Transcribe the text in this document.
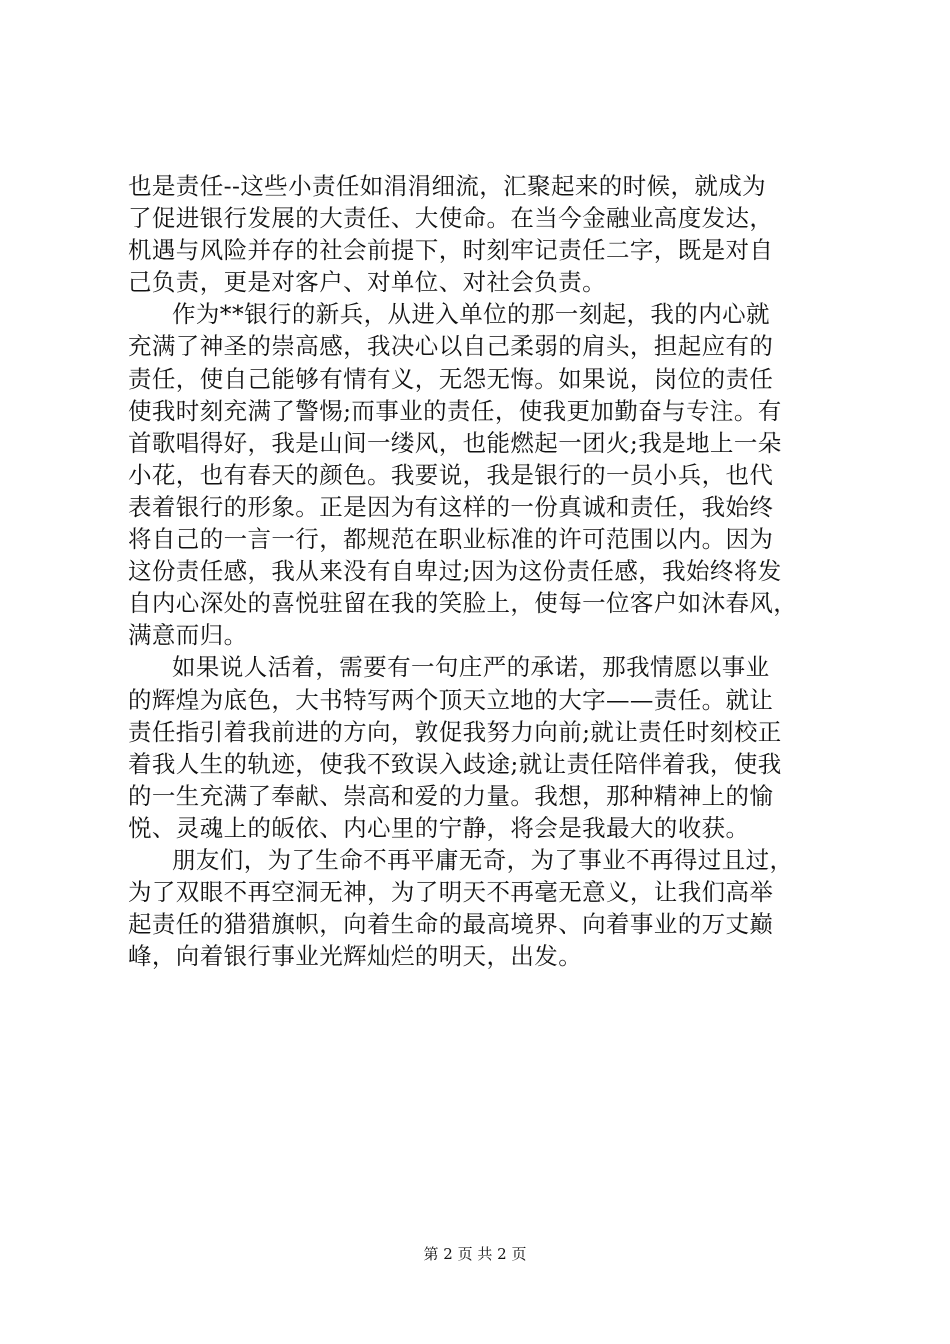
也是责任--这些小责任如涓涓细流，汇聚起来的时候，就成为
了促进银行发展的大责任、大使命。在当今金融业高度发达，
机遇与风险并存的社会前提下，时刻牢记责任二字，既是对自
己负责，更是对客户、对单位、对社会负责。

作为**银行的新兵，从进入单位的那一刻起，我的内心就
充满了神圣的崇高感，我决心以自己柔弱的肩头，担起应有的
责任，使自己能够有情有义，无怨无悔。如果说，岗位的责任
使我时刻充满了警惕;而事业的责任，使我更加勤奋与专注。有
首歌唱得好，我是山间一缕风，也能燃起一团火;我是地上一朵
小花，也有春天的颜色。我要说，我是银行的一员小兵，也代
表着银行的形象。正是因为有这样的一份真诚和责任，我始终
将自己的一言一行，都规范在职业标准的许可范围以内。因为
这份责任感，我从来没有自卑过;因为这份责任感，我始终将发
自内心深处的喜悦驻留在我的笑脸上，使每一位客户如沐春风，
满意而归。

如果说人活着，需要有一句庄严的承诺，那我情愿以事业
的辉煌为底色，大书特写两个顶天立地的大字——责任。就让
责任指引着我前进的方向，敦促我努力向前;就让责任时刻校正
着我人生的轨迹，使我不致误入歧途;就让责任陪伴着我，使我
的一生充满了奉献、崇高和爱的力量。我想，那种精神上的愉
悦、灵魂上的皈依、内心里的宁静，将会是我最大的收获。

朋友们，为了生命不再平庸无奇，为了事业不再得过且过，
为了双眼不再空洞无神，为了明天不再毫无意义，让我们高举
起责任的猎猎旗帜，向着生命的最高境界、向着事业的万丈巅
峰，向着银行事业光辉灿烂的明天，出发。

第 2 页 共 2 页
